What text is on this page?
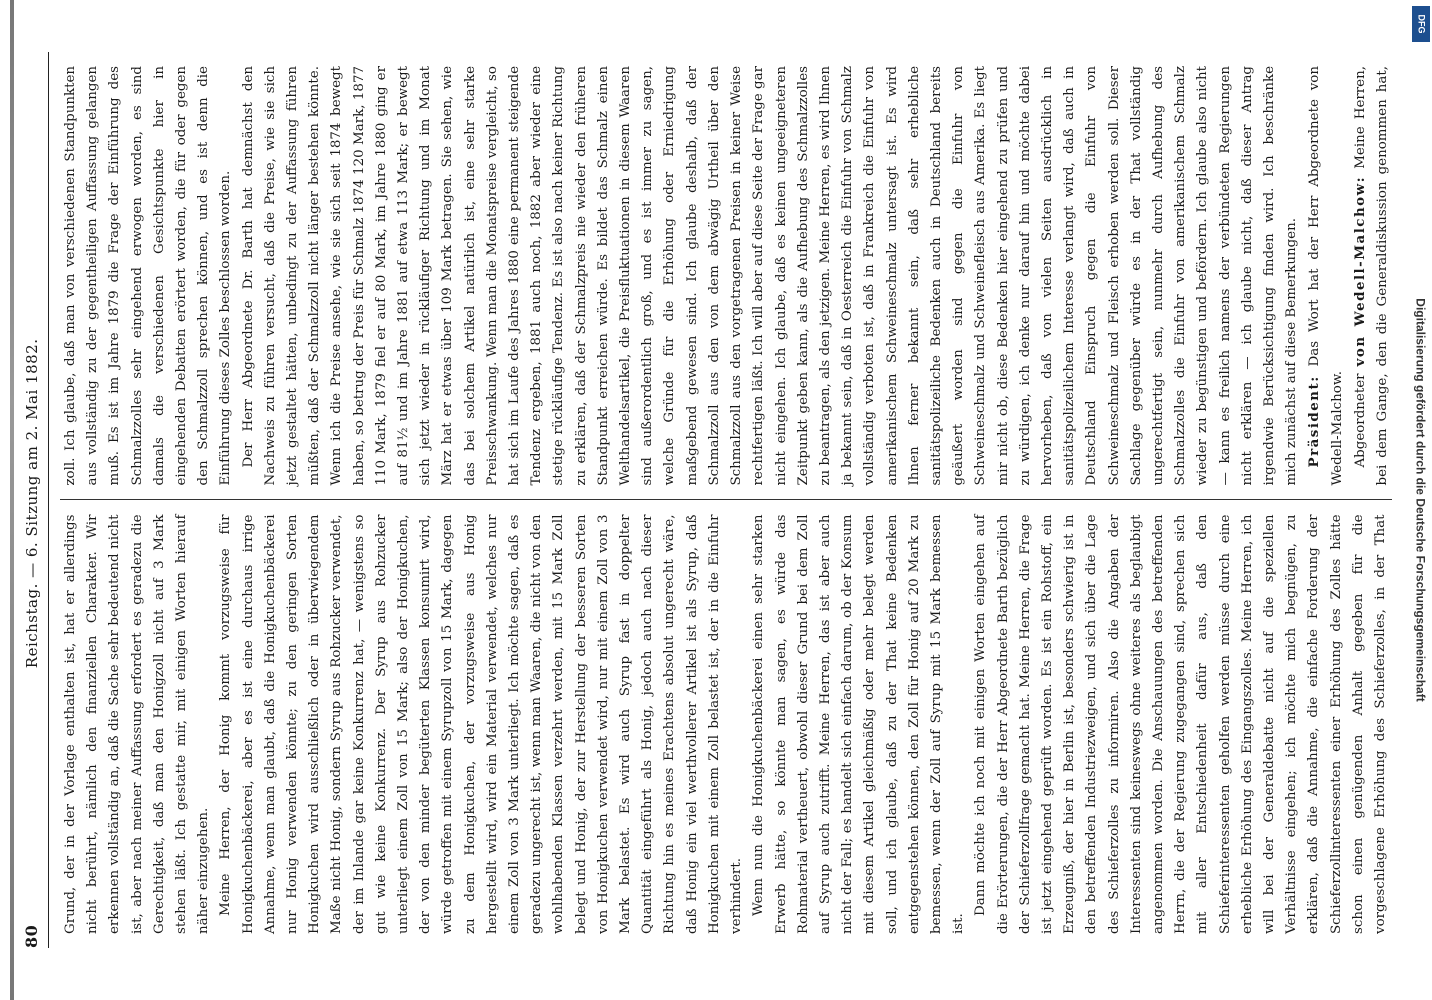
80
Reichstag. — 6. Sitzung am 2. Mai 1882.

Grund, der in der Vorlage enthalten ist, hat er allerdings nicht berührt, nämlich den finanziellen Charakter. Wir erkennen vollständig an, daß die Sache sehr bedeutend nicht ist, aber nach meiner Auffassung erfordert es geradezu die Gerechtigkeit, daß man den Honigzoll nicht auf 3 Mark stehen läßt. Ich gestatte mir, mit einigen Worten hierauf näher einzugehen. Meine Herren, der Honig kommt vorzugsweise für Honigkuchenbäckerei, aber es ist eine durchaus irrige Annahme, wenn man glaubt, daß die Honigkuchenbäckerei nur Honig verwenden könnte; zu den geringen Sorten Honigkuchen wird ausschließlich oder in überwiegendem Maße nicht Honig, sondern Syrup aus Rohzucker verwendet, der im Inlande gar keine Konkurrenz hat, — wenigstens so gut wie keine Konkurrenz. Der Syrup aus Rohzucker unterliegt einem Zoll von 15 Mark; also der Honigkuchen, der von den minder begüterten Klassen konsumirt wird, würde getroffen mit einem Syrupzoll von 15 Mark, dagegen zu dem Honigkuchen, der vorzugsweise aus Honig hergestellt wird, wird ein Material verwendet, welches nur einem Zoll von 3 Mark unterliegt. Ich möchte sagen, daß es geradezu ungerecht ist, wenn man Waaren, die nicht von den wohlhabenden Klassen verzehrt werden, mit 15 Mark Zoll belegt und Honig, der zur Herstellung der besseren Sorten von Honigkuchen verwendet wird, nur mit einem Zoll von 3 Mark belastet. Es wird auch Syrup fast in doppelter Quantität eingeführt als Honig, jedoch auch nach dieser Richtung hin es meines Erachtens absolut ungerecht wäre, daß Honig ein viel werthvollerer Artikel ist als Syrup, daß Honigkuchen mit einem Zoll belastet ist, der in die Einfuhr verhindert. Wenn nun die Honigkuchenbäckerei einen sehr starken Erwerb hätte, so könnte man sagen, es würde das Rohmaterial vertheuert, obwohl dieser Grund bei dem Zoll auf Syrup auch zutrifft. Meine Herren, das ist aber auch nicht der Fall; es handelt sich einfach darum, ob der Konsum mit diesem Artikel gleichmäßig oder mehr belegt werden soll, und ich glaube, daß zu der That keine Bedenken entgegenstehen können, den Zoll für Honig auf 20 Mark zu bemessen, wenn der Zoll auf Syrup mit 15 Mark bemessen ist.

Dann möchte ich noch mit einigen Worten eingehen auf die Erörterungen, die der Herr Abgeordnete Barth bezüglich der Schieferzollfrage gemacht hat. Meine Herren, die Frage ist jetzt eingehend geprüft worden. Es ist ein Rohstoff, ein Erzeugniß, der hier in Berlin ist, besonders schwierig ist in den betreffenden Industriezweigen, und sich über die Lage des Schieferzolles zu informiren. Also die Angaben der Interessenten sind keineswegs ohne weiteres als beglaubigt angenommen worden. Die Anschauungen des betreffenden Herrn, die der Regierung zugegangen sind, sprechen sich mit aller Entschiedenheit dafür aus, daß den Schieferinteressenten geholfen werden müsse durch eine erhebliche Erhöhung des Eingangszolles. Meine Herren, ich will bei der Generaldebatte nicht auf die speziellen Verhältnisse eingehen; ich möchte mich begnügen, zu erklären, daß die Annahme, die einfache Forderung der Schieferzollinteressenten einer Erhöhung des Zolles hätte schon einen genügenden Anhalt gegeben für die vorgeschlagene Erhöhung des Schieferzolles, in der That

zoll. Ich glaube, daß man von verschiedenen Standpunkten aus vollständig zu der gegentheiligen Auffassung gelangen muß. Es ist im Jahre 1879 die Frage der Einführung des Schmalzzolles sehr eingehend erwogen worden, es sind damals die verschiedenen Gesichtspunkte hier in eingehenden Debatten erörtert worden, die für oder gegen den Schmalzzoll sprechen können, und es ist denn die Einführung dieses Zolles beschlossen worden. Der Herr Abgeordnete Dr. Barth hat demnächst den Nachweis zu führen versucht, daß die Preise, wie sie sich jetzt gestaltet hätten, unbedingt zu der Auffassung führen müßten, daß der Schmalzzoll nicht länger bestehen könnte. Wenn ich die Preise ansehe, wie sie sich seit 1874 bewegt haben, so betrug der Preis für Schmalz 1874 120 Mark, 1877 110 Mark, 1879 fiel er auf 80 Mark, im Jahre 1880 ging er auf 81½ und im Jahre 1881 auf etwa 113 Mark; er bewegt sich jetzt wieder in rückläufiger Richtung und im Monat März hat er etwas über 109 Mark betragen. Sie sehen, wie das bei solchem Artikel natürlich ist, eine sehr starke Preisschwankung. Wenn man die Monatspreise vergleicht, so hat sich im Laufe des Jahres 1880 eine permanent steigende Tendenz ergeben, 1881 auch noch, 1882 aber wieder eine stetige rückläufige Tendenz. Es ist also nach keiner Richtung zu erklären, daß der Schmalzpreis nie wieder den früheren Standpunkt erreichen würde. Es bildet das Schmalz einen Welthandelsartikel, die Preisfluktuationen in diesem Waaren sind außerordentlich groß, und es ist immer zu sagen, welche Gründe für die Erhöhung oder Erniedrigung maßgebend gewesen sind. Ich glaube deshalb, daß der Schmalzzoll aus den von dem abwägig Urtheil über den Schmalzzoll aus den vorgetragenen Preisen in keiner Weise rechtfertigen läßt. Ich will aber auf diese Seite der Frage gar nicht eingehen. Ich glaube, daß es keinen ungeeigneteren Zeitpunkt geben kann, als die Aufhebung des Schmalzzolles zu beantragen, als den jetzigen. Meine Herren, es wird Ihnen ja bekannt sein, daß in Oesterreich die Einfuhr von Schmalz vollständig verboten ist, daß in Frankreich die Einfuhr von amerikanischem Schweineschmalz untersagt ist. Es wird Ihnen ferner bekannt sein, daß sehr erhebliche sanitätspolizeiliche Bedenken auch in Deutschland bereits geäußert worden sind gegen die Einfuhr von Schweineschmalz und Schweinefleisch aus Amerika. Es liegt mir nicht ob, diese Bedenken hier eingehend zu prüfen und zu würdigen, ich denke nur darauf hin und möchte dabei hervorheben, daß von vielen Seiten ausdrücklich in sanitätspolizeilichem Interesse verlangt wird, daß auch in Deutschland Einspruch gegen die Einfuhr von Schweineschmalz und Fleisch erhoben werden soll. Dieser Sachlage gegenüber würde es in der That vollständig ungerechtfertigt sein, nunmehr durch Aufhebung des Schmalzzolles die Einfuhr von amerikanischem Schmalz wieder zu begünstigen und befördern. Ich glaube also nicht — kann es freilich namens der verbündeten Regierungen nicht erklären — ich glaube nicht, daß dieser Antrag irgendwie Berücksichtigung finden wird. Ich beschränke mich zunächst auf diese Bemerkungen. Präsident: Das Wort hat der Herr Abgeordnete von Wedell-Malchow. Abgeordneter von Wedell-Malchow: Meine Herren, bei dem Gange, den die Generaldiskussion genommen hat,

Digitalisierung gefördert durch die Deutsche Forschungsgemeinschaft
DFG
